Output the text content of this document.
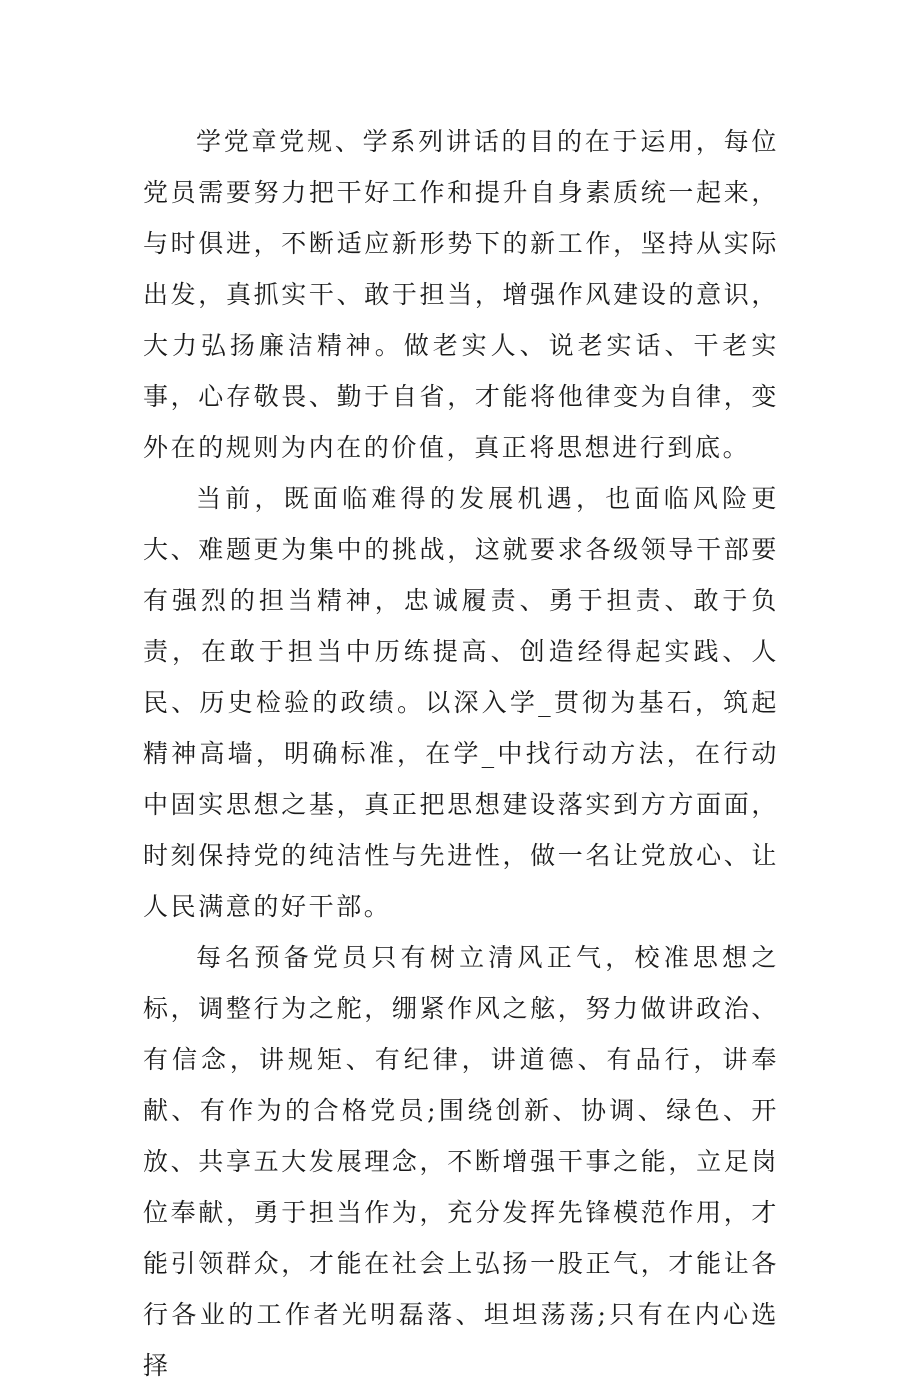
学党章党规、学系列讲话的目的在于运用，每位党员需要努力把干好工作和提升自身素质统一起来，与时俱进，不断适应新形势下的新工作，坚持从实际出发，真抓实干、敢于担当，增强作风建设的意识，大力弘扬廉洁精神。做老实人、说老实话、干老实事，心存敬畏、勤于自省，才能将他律变为自律，变外在的规则为内在的价值，真正将思想进行到底。

当前，既面临难得的发展机遇，也面临风险更大、难题更为集中的挑战，这就要求各级领导干部要有强烈的担当精神，忠诚履责、勇于担责、敢于负责，在敢于担当中历练提高、创造经得起实践、人民、历史检验的政绩。以深入学_贯彻为基石，筑起精神高墙，明确标准，在学_中找行动方法，在行动中固实思想之基，真正把思想建设落实到方方面面，时刻保持党的纯洁性与先进性，做一名让党放心、让人民满意的好干部。

每名预备党员只有树立清风正气，校准思想之标，调整行为之舵，绷紧作风之舷，努力做讲政治、有信念，讲规矩、有纪律，讲道德、有品行，讲奉献、有作为的合格党员;围绕创新、协调、绿色、开放、共享五大发展理念，不断增强干事之能，立足岗位奉献，勇于担当作为，充分发挥先锋模范作用，才能引领群众，才能在社会上弘扬一股正气，才能让各行各业的工作者光明磊落、坦坦荡荡;只有在内心选择
